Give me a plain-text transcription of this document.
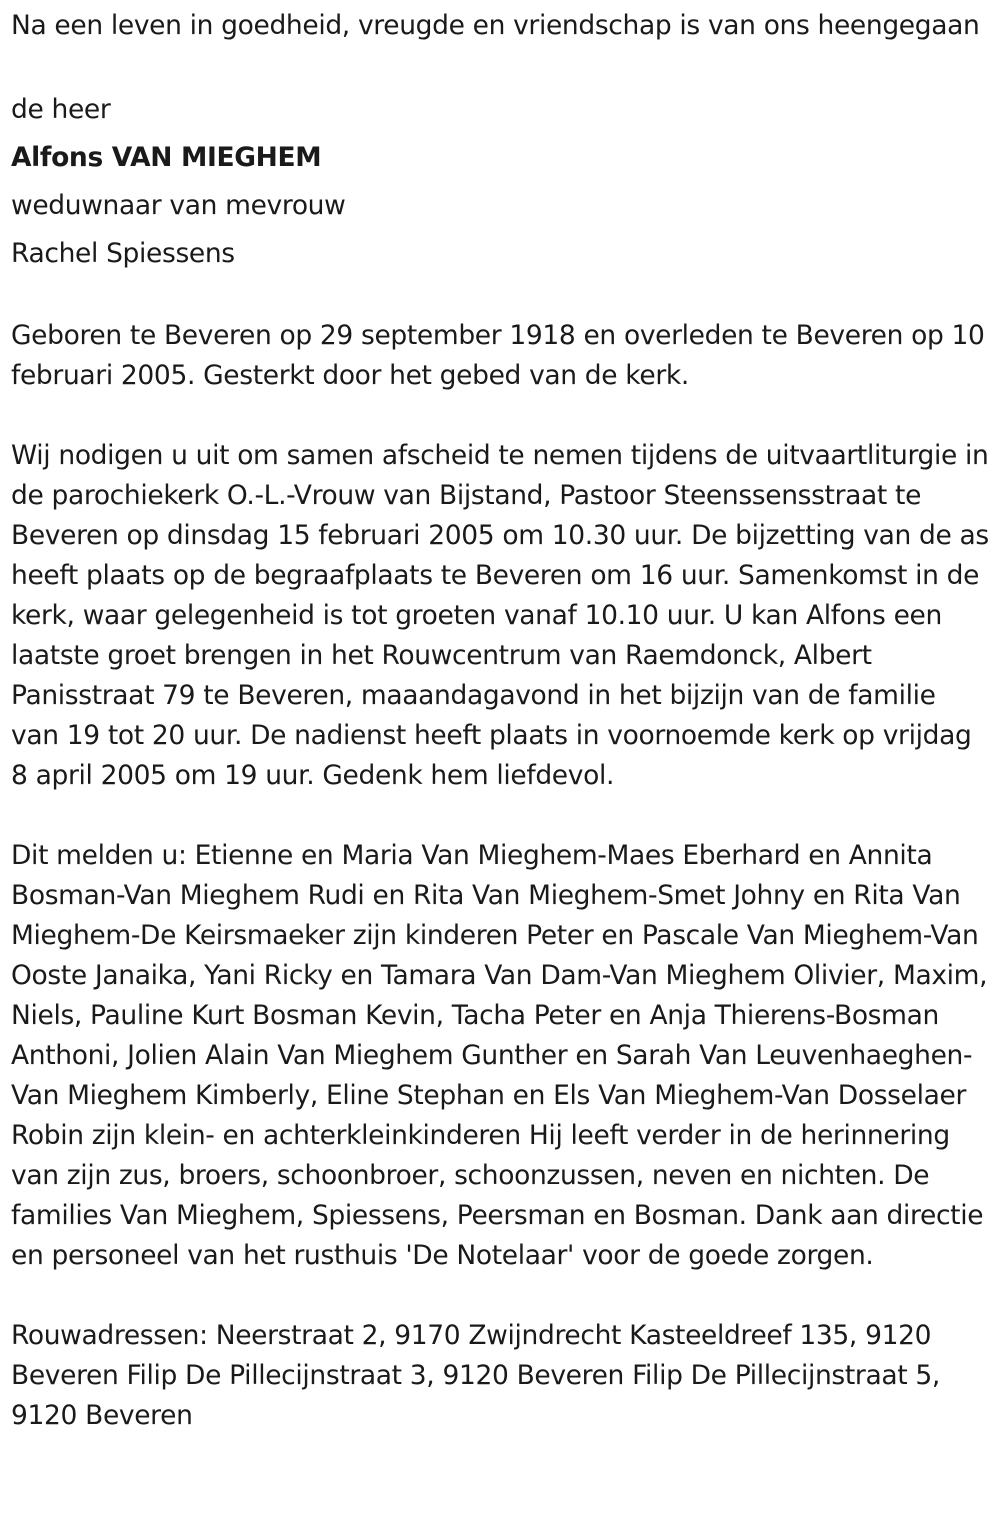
Na een leven in goedheid, vreugde en vriendschap is van ons heengegaan
de heer
Alfons VAN MIEGHEM
weduwnaar van mevrouw
Rachel Spiessens

Geboren te Beveren op 29 september 1918 en overleden te Beveren op 10 februari 2005. Gesterkt door het gebed van de kerk.

Wij nodigen u uit om samen afscheid te nemen tijdens de uitvaartliturgie in de parochiekerk O.-L.-Vrouw van Bijstand, Pastoor Steenssensstraat te Beveren op dinsdag 15 februari 2005 om 10.30 uur. De bijzetting van de as heeft plaats op de begraafplaats te Beveren om 16 uur. Samenkomst in de kerk, waar gelegenheid is tot groeten vanaf 10.10 uur. U kan Alfons een laatste groet brengen in het Rouwcentrum van Raemdonck, Albert Panisstraat 79 te Beveren, maaandagavond in het bijzijn van de familie van 19 tot 20 uur. De nadienst heeft plaats in voornoemde kerk op vrijdag 8 april 2005 om 19 uur. Gedenk hem liefdevol.

Dit melden u: Etienne en Maria Van Mieghem-Maes Eberhard en Annita Bosman-Van Mieghem Rudi en Rita Van Mieghem-Smet Johny en Rita Van Mieghem-De Keirsmaeker zijn kinderen Peter en Pascale Van Mieghem-Van Ooste Janaika, Yani Ricky en Tamara Van Dam-Van Mieghem Olivier, Maxim, Niels, Pauline Kurt Bosman Kevin, Tacha Peter en Anja Thierens-Bosman Anthoni, Jolien Alain Van Mieghem Gunther en Sarah Van Leuvenhaeghen-Van Mieghem Kimberly, Eline Stephan en Els Van Mieghem-Van Dosselaer Robin zijn klein- en achterkleinkinderen Hij leeft verder in de herinnering van zijn zus, broers, schoonbroer, schoonzussen, neven en nichten. De families Van Mieghem, Spiessens, Peersman en Bosman. Dank aan directie en personeel van het rusthuis 'De Notelaar' voor de goede zorgen.

Rouwadressen: Neerstraat 2, 9170 Zwijndrecht Kasteeldreef 135, 9120 Beveren Filip De Pillecijnstraat 3, 9120 Beveren Filip De Pillecijnstraat 5, 9120 Beveren
